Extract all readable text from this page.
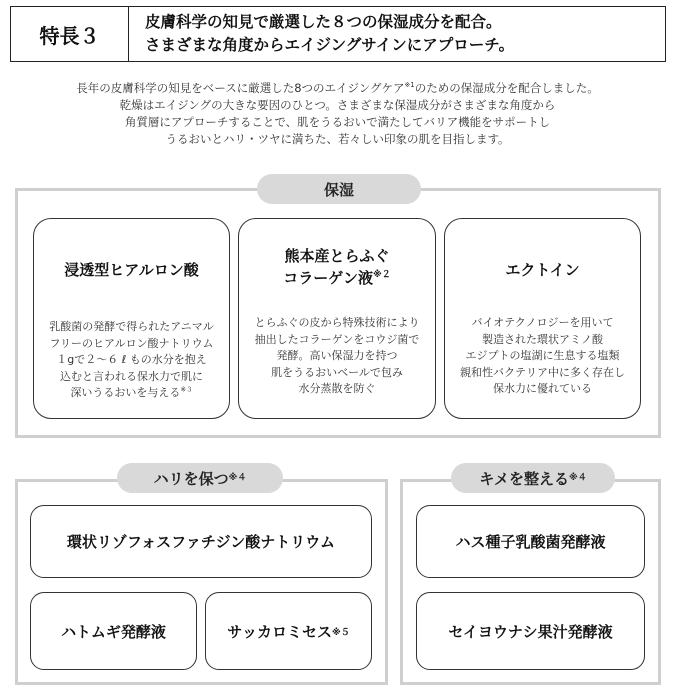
特長３
皮膚科学の知見で厳選した８つの保湿成分を配合。
さまざまな角度からエイジングサインにアプローチ。
長年の皮膚科学の知見をベースに厳選した8つのエイジングケア$^{※1}$のための保湿成分を配合しました。
乾燥はエイジングの大きな要因のひとつ。さまざまな保湿成分がさまざまな角度から
角質層にアプローチすることで、肌をうるおいで満たしてバリア機能をサポートし
うるおいとハリ・ツヤに満ちた、若々しい印象の肌を目指します。
保湿
浸透型ヒアルロン酸
乳酸菌の発酵で得られたアニマル
フリーのヒアルロン酸ナトリウム
１gで２～６ ℓ もの水分を抱え
込むと言われる保水力で肌に
深いうるおいを与える$^{※3}$
熊本産とらふぐ
コラーゲン液$^{※2}$
とらふぐの皮から特殊技術により
抽出したコラーゲンをコウジ菌で
発酵。高い保湿力を持つ
肌をうるおいベールで包み
水分蒸散を防ぐ
エクトイン
バイオテクノロジーを用いて
製造された環状アミノ酸
エジプトの塩湖に生息する塩類
親和性バクテリア中に多く存在し
保水力に優れている
ハリを保つ ※４
環状リゾフォスファチジン酸ナトリウム
ハトムギ発酵液	サッカロミセス ※５
キメを整える ※４
ハス種子乳酸菌発酵液
セイヨウナシ果汁発酵液
